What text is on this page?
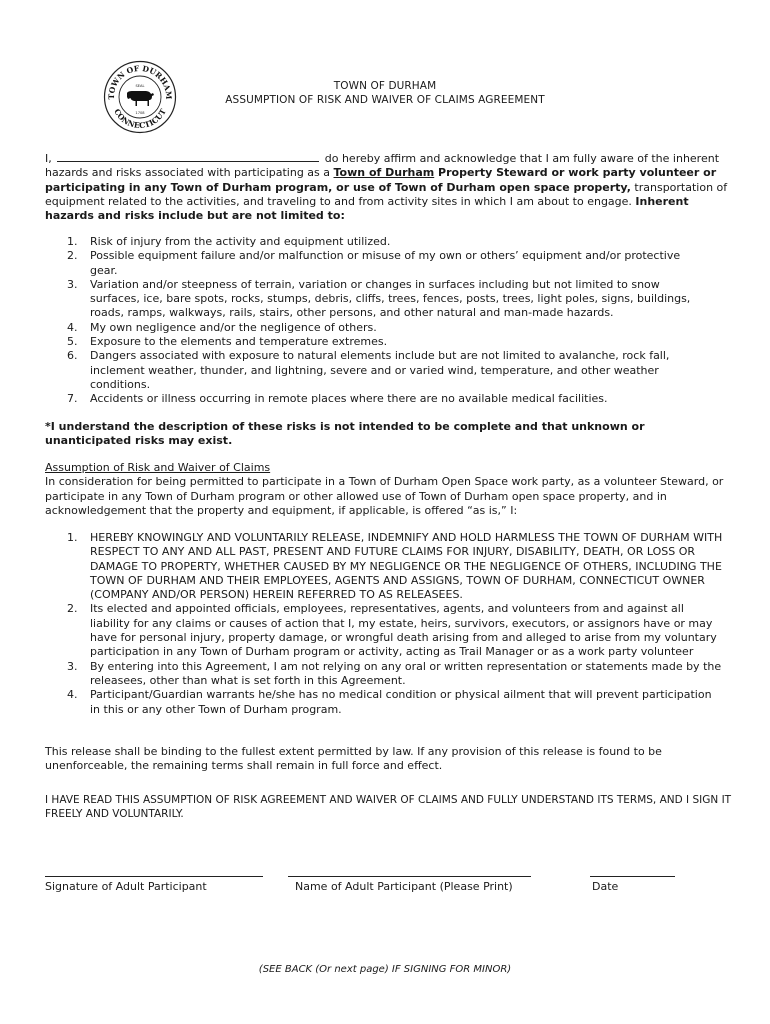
TOWN OF DURHAM
CONNECTICUT
SEAL
1708
TOWN OF DURHAM
ASSUMPTION OF RISK AND WAIVER OF CLAIMS AGREEMENT
I,	do hereby affirm and acknowledge that I am fully aware of the inherent hazards and risks associated with participating as a Town of Durham Property Steward or work party volunteer or participating in any Town of Durham program, or use of Town of Durham open space property, transportation of equipment related to the activities, and traveling to and from activity sites in which I am about to engage. Inherent hazards and risks include but are not limited to:
1. Risk of injury from the activity and equipment utilized.
2. Possible equipment failure and/or malfunction or misuse of my own or others’ equipment and/or protective gear.
3. Variation and/or steepness of terrain, variation or changes in surfaces including but not limited to snow surfaces, ice, bare spots, rocks, stumps, debris, cliffs, trees, fences, posts, trees, light poles, signs, buildings, roads, ramps, walkways, rails, stairs, other persons, and other natural and man-made hazards.
4. My own negligence and/or the negligence of others.
5. Exposure to the elements and temperature extremes.
6. Dangers associated with exposure to natural elements include but are not limited to avalanche, rock fall, inclement weather, thunder, and lightning, severe and or varied wind, temperature, and other weather conditions.
7. Accidents or illness occurring in remote places where there are no available medical facilities.
*I understand the description of these risks is not intended to be complete and that unknown or unanticipated risks may exist.
Assumption of Risk and Waiver of Claims
In consideration for being permitted to participate in a Town of Durham Open Space work party, as a volunteer Steward, or participate in any Town of Durham program or other allowed use of Town of Durham open space property, and in acknowledgement that the property and equipment, if applicable, is offered “as is,” I:
1. HEREBY KNOWINGLY AND VOLUNTARILY RELEASE, INDEMNIFY AND HOLD HARMLESS THE TOWN OF DURHAM WITH RESPECT TO ANY AND ALL PAST, PRESENT AND FUTURE CLAIMS FOR INJURY, DISABILITY, DEATH, OR LOSS OR DAMAGE TO PROPERTY, WHETHER CAUSED BY MY NEGLIGENCE OR THE NEGLIGENCE OF OTHERS, INCLUDING THE TOWN OF DURHAM AND THEIR EMPLOYEES, AGENTS AND ASSIGNS, TOWN OF DURHAM, CONNECTICUT OWNER (COMPANY AND/OR PERSON) HEREIN REFERRED TO AS RELEASEES.
2. Its elected and appointed officials, employees, representatives, agents, and volunteers from and against all liability for any claims or causes of action that I, my estate, heirs, survivors, executors, or assignors have or may have for personal injury, property damage, or wrongful death arising from and alleged to arise from my voluntary participation in any Town of Durham program or activity, acting as Trail Manager or as a work party volunteer
3. By entering into this Agreement, I am not relying on any oral or written representation or statements made by the releasees, other than what is set forth in this Agreement.
4. Participant/Guardian warrants he/she has no medical condition or physical ailment that will prevent participation in this or any other Town of Durham program.
This release shall be binding to the fullest extent permitted by law. If any provision of this release is found to be unenforceable, the remaining terms shall remain in full force and effect.
I HAVE READ THIS ASSUMPTION OF RISK AGREEMENT AND WAIVER OF CLAIMS AND FULLY UNDERSTAND ITS TERMS, AND I SIGN IT FREELY AND VOLUNTARILY.
Signature of Adult Participant	Name of Adult Participant (Please Print)	Date
(SEE BACK (Or next page) IF SIGNING FOR MINOR)
